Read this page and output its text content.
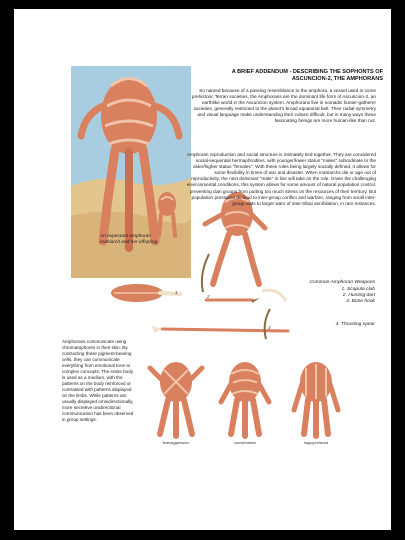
A BRIEF ADDENDUM - DESCRIBING THE SOPHONTS OF
ASCUNCION-2, THE AMPHORANS

So named because of a passing resemblance to the amphora, a vessel used in some prehistoric Terran societies, the Amphorans are the dominant life form of Ascuncion-2, an earthlike world in the Ascuncion system. Amphorans live in nomadic hunter-gatherer societies, generally restricted to the planet's broad equatorial belt. Their radial symmetry and visual language make understanding their culture difficult, but in many ways these fascinating beings are more human-like than not.

Amphoran reproduction and social structure is intimately tied together. They are considered social-sequential hermaphrodites, with younger/lower status "males" subordinate to the older/higher status "females". With these roles being largely socially defined, it allows for some flexibility in times of war and disaster. When matriarchs die or age out of reproductivity, the next dominant "male" in line will take on the role. Given the challenging environmental conditions, this system allows for some amount of natural population control, preventing clan groups from putting too much stress on the resources of their territory. But population pressures do lead to inter-group conflict and warfare, ranging from small inter-group raids to larger wars of inter-tribal annihilation, in rare instances.

An expectant amphoran matriarch and her offspring.
Common Amphoran Weapons
1. Scapula club
2. Hunting dart
3. Bone hook
4. Thrusting spear
1
2
3

Amphorans communicate using chromatophores in their skin. By contracting these pigment-bearing cells, they can communicate everything from emotional tone to complex concepts. The entire body is used as a medium, with the patterns on the body reinforced or contrasted with patterns displayed on the limbs. While patterns are usually displayed omnidirectionally, more secretive unidirectional communication has been observed in group settings.

fear/aggression	conversation	happy/relaxed
